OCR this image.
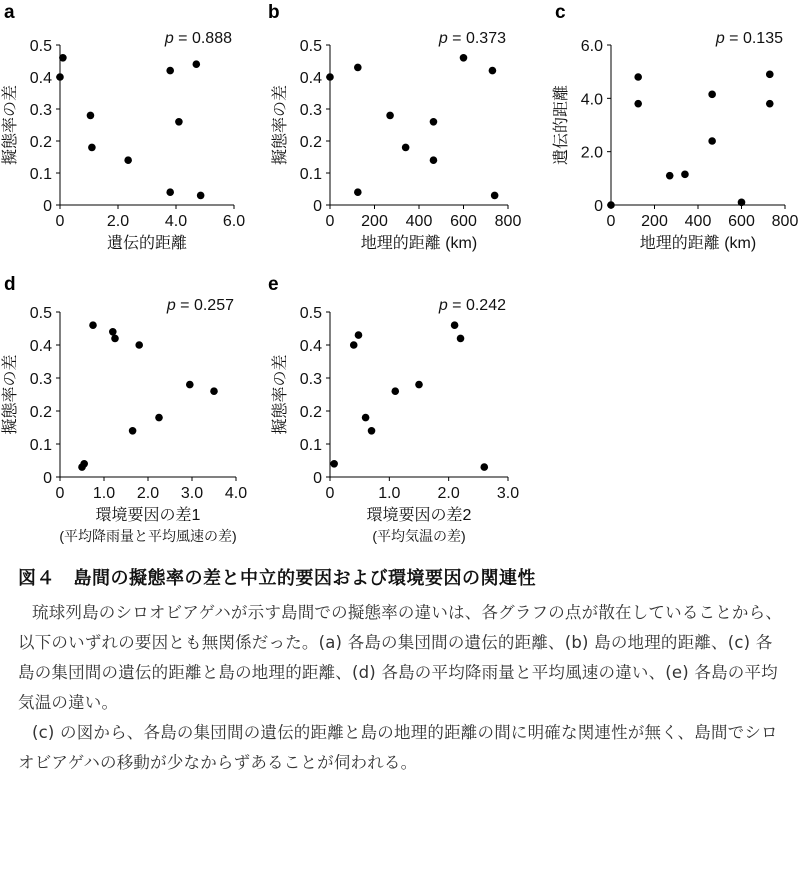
0
0.1
0.2
0.3
0.4
0.5
0	2.0 4.0 6.0
遺伝的距離
擬態率の差
a
p = 0.888
0
0.1
0.2
0.3
0.4
0.5
0 200 400 600 800
地理的距離 (km)
擬態率の差
b
p = 0.373
0
2.0
4.0
6.0
0 200 400 600 800
地理的距離 (km)
遺伝的距離
c
p = 0.135
0
0.1
0.2
0.3
0.4
0.5
0 1.0 2.0 3.0 4.0
環境要因の差1
(平均降雨量と平均風速の差)
擬態率の差
d
p = 0.257
0
0.1
0.2
0.3
0.4
0.5
0	1.0 2.0 3.0
環境要因の差2
(平均気温の差)
擬態率の差
e
p = 0.242
図４　島間の擬態率の差と中立的要因および環境要因の関連性

琉球列島のシロオビアゲハが示す島間での擬態率の違いは、各グラフの点が散在していることから、以下のいずれの要因とも無関係だった。(a) 各島の集団間の遺伝的距離、(b) 島の地理的距離、(c) 各島の集団間の遺伝的距離と島の地理的距離、(d) 各島の平均降雨量と平均風速の違い、(e) 各島の平均気温の違い。

(c) の図から、各島の集団間の遺伝的距離と島の地理的距離の間に明確な関連性が無く、島間でシロオビアゲハの移動が少なからずあることが伺われる。
